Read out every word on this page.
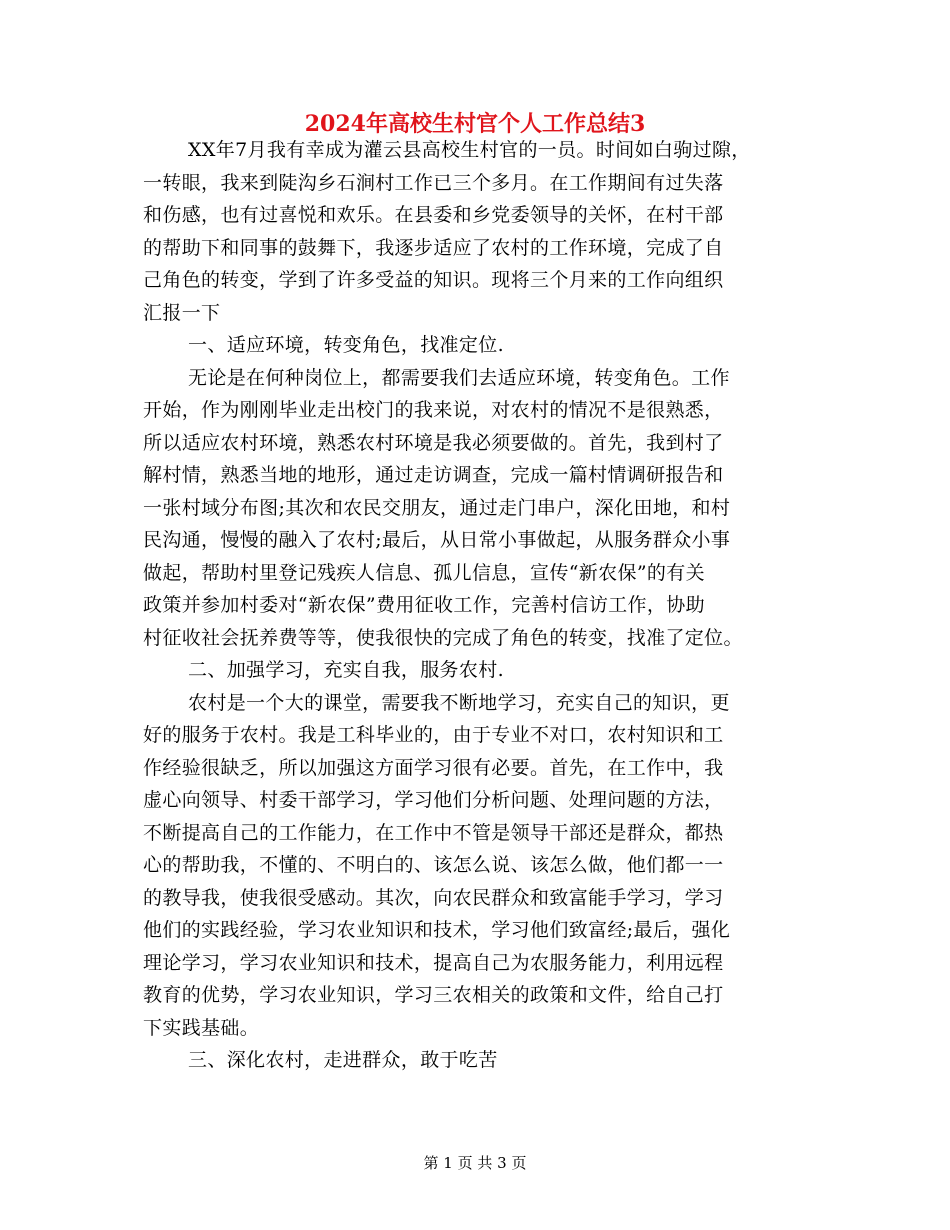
2024年高校生村官个人工作总结3
XX年7月我有幸成为灌云县高校生村官的一员。时间如白驹过隙，
一转眼，我来到陡沟乡石涧村工作已三个多月。在工作期间有过失落
和伤感，也有过喜悦和欢乐。在县委和乡党委领导的关怀，在村干部
的帮助下和同事的鼓舞下，我逐步适应了农村的工作环境，完成了自
己角色的转变，学到了许多受益的知识。现将三个月来的工作向组织
汇报一下
一、适应环境，转变角色，找准定位.
无论是在何种岗位上，都需要我们去适应环境，转变角色。工作
开始，作为刚刚毕业走出校门的我来说，对农村的情况不是很熟悉，
所以适应农村环境，熟悉农村环境是我必须要做的。首先，我到村了
解村情，熟悉当地的地形，通过走访调查，完成一篇村情调研报告和
一张村域分布图;其次和农民交朋友，通过走门串户，深化田地，和村
民沟通，慢慢的融入了农村;最后，从日常小事做起，从服务群众小事
做起，帮助村里登记残疾人信息、孤儿信息，宣传“新农保”的有关
政策并参加村委对“新农保”费用征收工作，完善村信访工作，协助
村征收社会抚养费等等，使我很快的完成了角色的转变，找准了定位。
二、加强学习，充实自我，服务农村.
农村是一个大的课堂，需要我不断地学习，充实自己的知识，更
好的服务于农村。我是工科毕业的，由于专业不对口，农村知识和工
作经验很缺乏，所以加强这方面学习很有必要。首先，在工作中，我
虚心向领导、村委干部学习，学习他们分析问题、处理问题的方法，
不断提高自己的工作能力，在工作中不管是领导干部还是群众，都热
心的帮助我，不懂的、不明白的、该怎么说、该怎么做，他们都一一
的教导我，使我很受感动。其次，向农民群众和致富能手学习，学习
他们的实践经验，学习农业知识和技术，学习他们致富经;最后，强化
理论学习，学习农业知识和技术，提高自己为农服务能力，利用远程
教育的优势，学习农业知识，学习三农相关的政策和文件，给自己打
下实践基础。
三、深化农村，走进群众，敢于吃苦
第 1 页 共 3 页
